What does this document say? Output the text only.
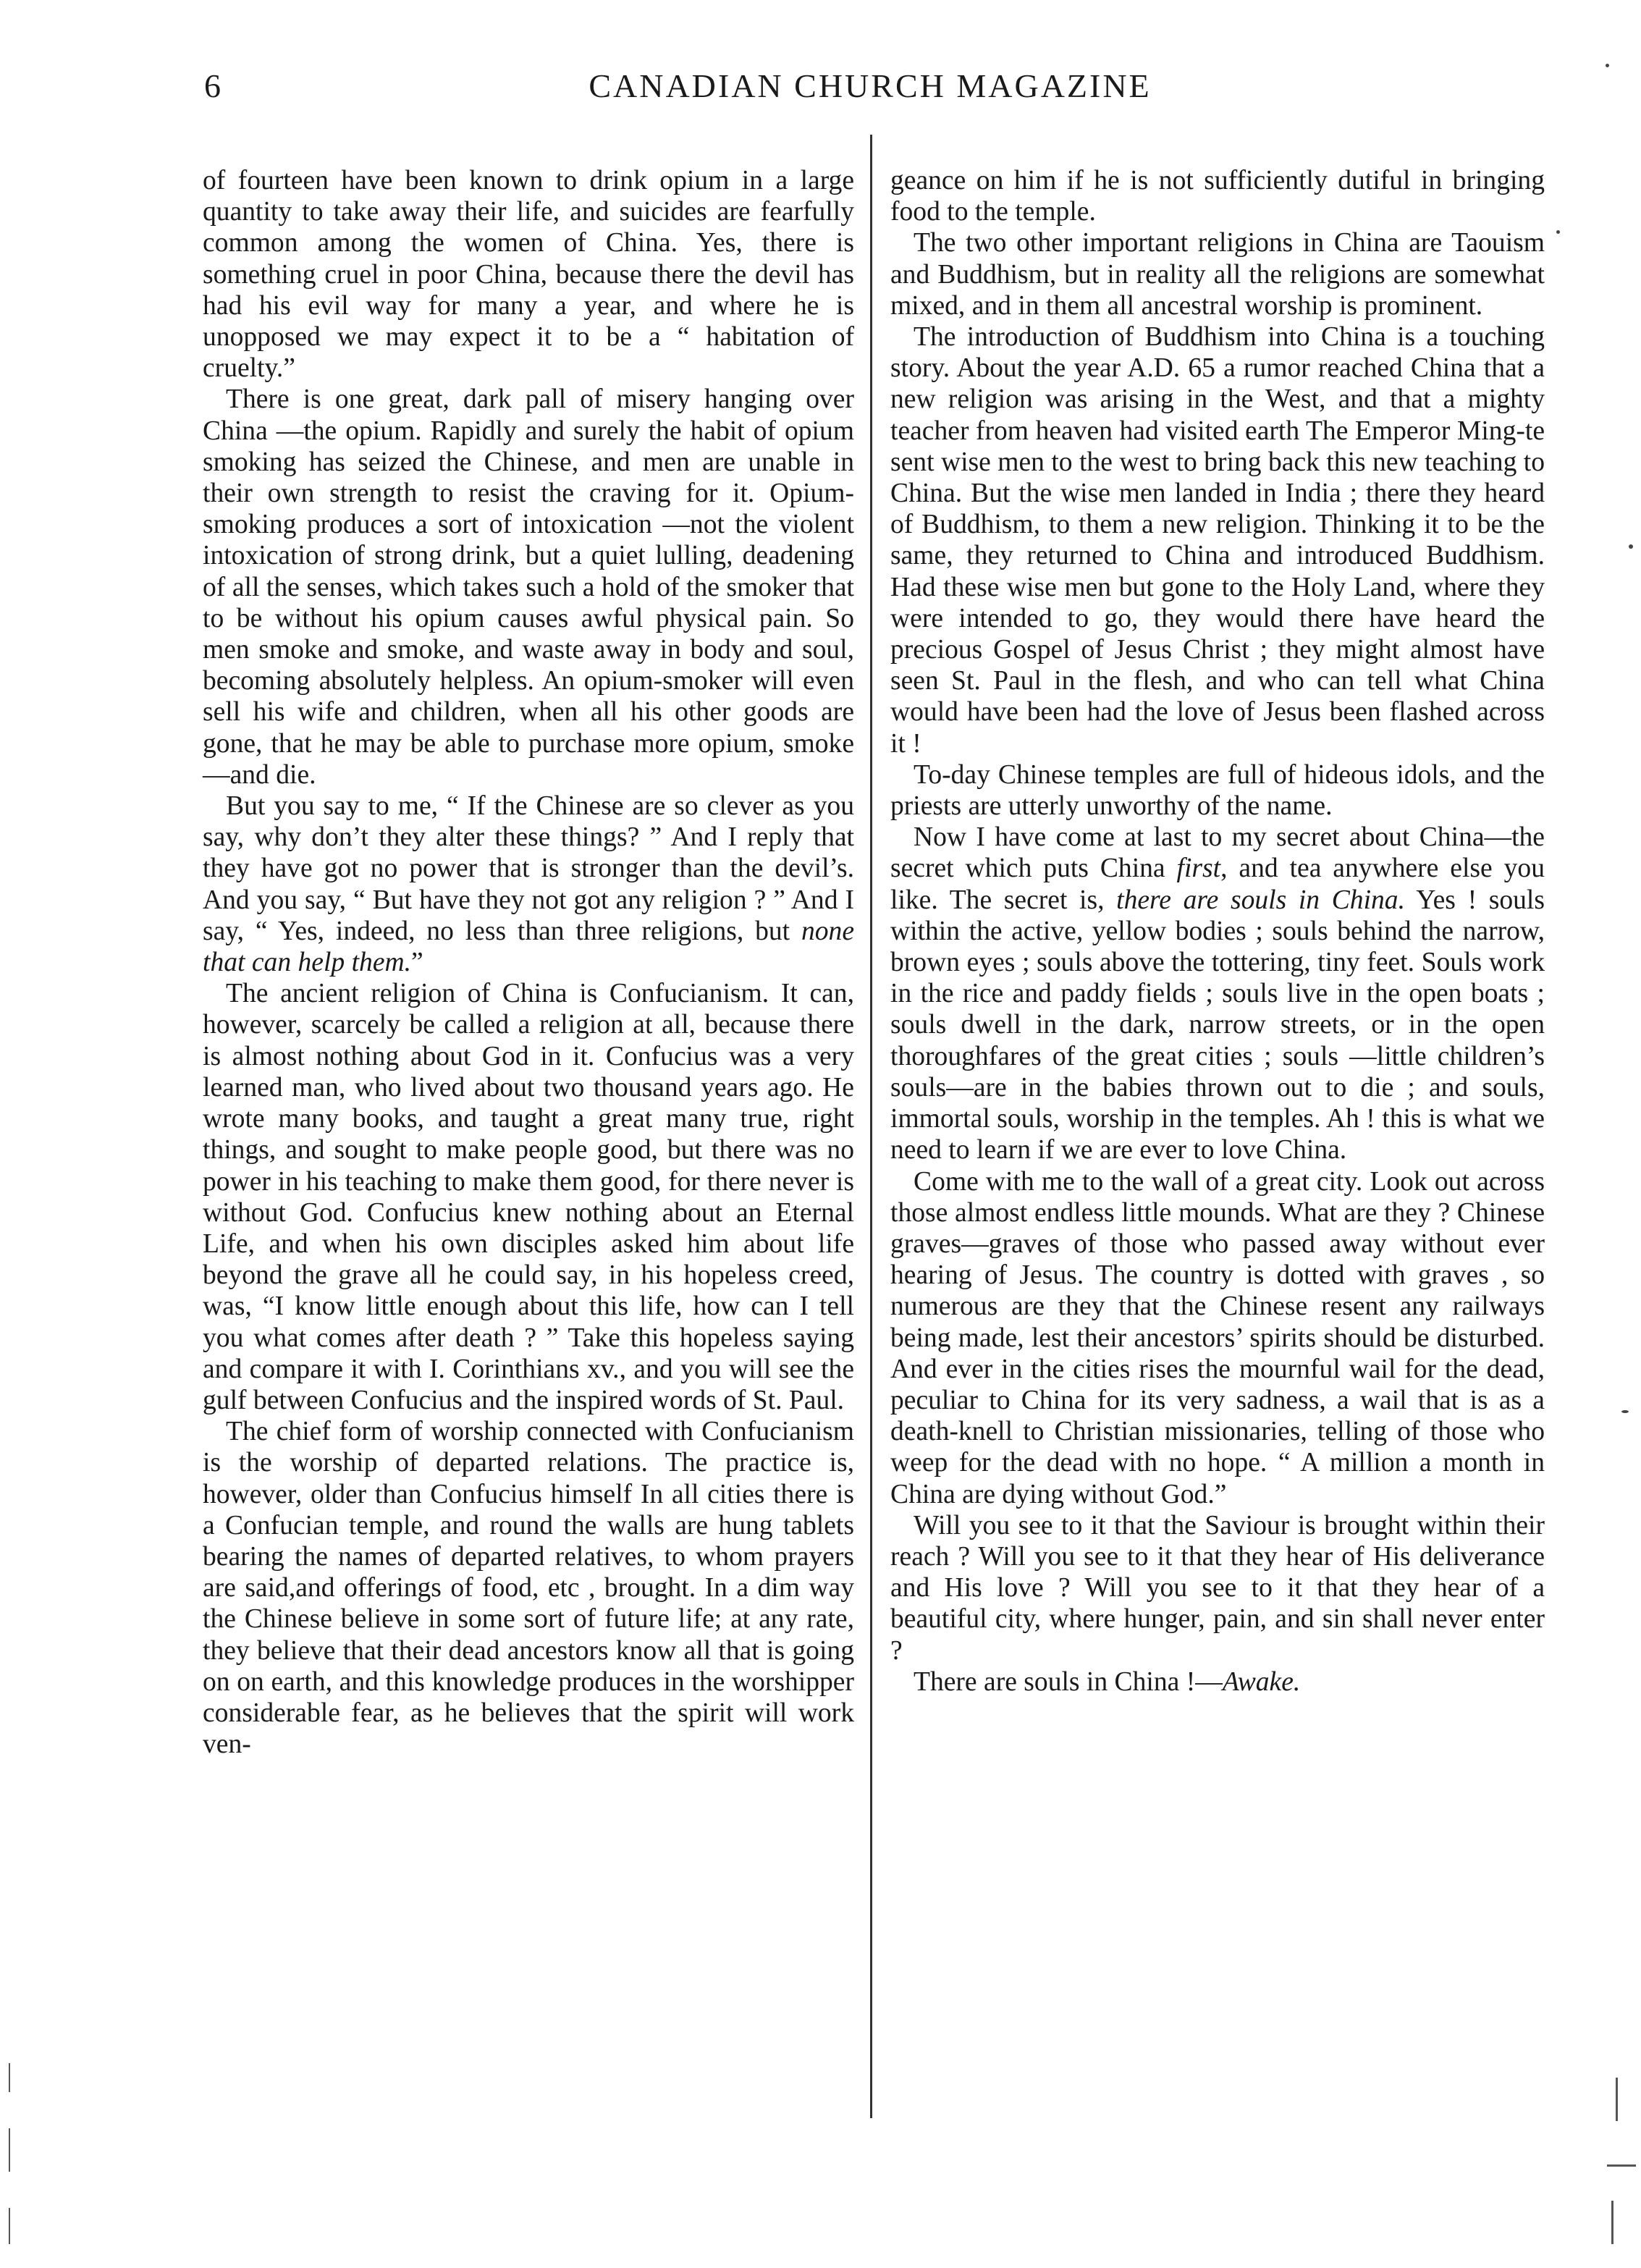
6	CANADIAN CHURCH MAGAZINE

of fourteen have been known to drink opium in a large quantity to take away their life, and suicides are fearfully common among the women of China. Yes, there is something cruel in poor China, because there the devil has had his evil way for many a year, and where he is unopposed we may expect it to be a “ habitation of cruelty.”

There is one great, dark pall of misery hanging over China —the opium. Rapidly and surely the habit of opium smoking has seized the Chinese, and men are unable in their own strength to resist the craving for it. Opium-smoking produces a sort of intoxication —not the violent intoxication of strong drink, but a quiet lulling, deadening of all the senses, which takes such a hold of the smoker that to be without his opium causes awful physical pain. So men smoke and smoke, and waste away in body and soul, becoming absolutely helpless. An opium-smoker will even sell his wife and children, when all his other goods are gone, that he may be able to purchase more opium, smoke—and die.

But you say to me, “ If the Chinese are so clever as you say, why don’t they alter these things? ” And I reply that they have got no power that is stronger than the devil’s. And you say, “ But have they not got any religion ? ” And I say, “ Yes, indeed, no less than three religions, but none that can help them.”

The ancient religion of China is Confucianism. It can, however, scarcely be called a religion at all, because there is almost nothing about God in it. Confucius was a very learned man, who lived about two thousand years ago. He wrote many books, and taught a great many true, right things, and sought to make people good, but there was no power in his teaching to make them good, for there never is without God. Confucius knew nothing about an Eternal Life, and when his own disciples asked him about life beyond the grave all he could say, in his hopeless creed, was, “I know little enough about this life, how can I tell you what comes after death ? ” Take this hopeless saying and compare it with I. Corinthians xv., and you will see the gulf between Confucius and the inspired words of St. Paul.

The chief form of worship connected with Confucianism is the worship of departed relations. The practice is, however, older than Confucius himself In all cities there is a Confucian temple, and round the walls are hung tablets bearing the names of departed relatives, to whom prayers are said,and offerings of food, etc , brought. In a dim way the Chinese believe in some sort of future life; at any rate, they believe that their dead ancestors know all that is going on on earth, and this knowledge produces in the worshipper considerable fear, as he believes that the spirit will work ven-

geance on him if he is not sufficiently dutiful in bringing food to the temple.

The two other important religions in China are Taouism and Buddhism, but in reality all the religions are somewhat mixed, and in them all ancestral worship is prominent.

The introduction of Buddhism into China is a touching story. About the year A.D. 65 a rumor reached China that a new religion was arising in the West, and that a mighty teacher from heaven had visited earth The Emperor Ming-te sent wise men to the west to bring back this new teaching to China. But the wise men landed in India ; there they heard of Buddhism, to them a new religion. Thinking it to be the same, they returned to China and introduced Buddhism. Had these wise men but gone to the Holy Land, where they were intended to go, they would there have heard the precious Gospel of Jesus Christ ; they might almost have seen St. Paul in the flesh, and who can tell what China would have been had the love of Jesus been flashed across it !

To-day Chinese temples are full of hideous idols, and the priests are utterly unworthy of the name.

Now I have come at last to my secret about China—the secret which puts China first, and tea anywhere else you like. The secret is, there are souls in China. Yes ! souls within the active, yellow bodies ; souls behind the narrow, brown eyes ; souls above the tottering, tiny feet. Souls work in the rice and paddy fields ; souls live in the open boats ; souls dwell in the dark, narrow streets, or in the open thoroughfares of the great cities ; souls —little children’s souls—are in the babies thrown out to die ; and souls, immortal souls, worship in the temples. Ah ! this is what we need to learn if we are ever to love China.

Come with me to the wall of a great city. Look out across those almost endless little mounds. What are they ? Chinese graves—graves of those who passed away without ever hearing of Jesus. The country is dotted with graves , so numerous are they that the Chinese resent any railways being made, lest their ancestors’ spirits should be disturbed. And ever in the cities rises the mournful wail for the dead, peculiar to China for its very sadness, a wail that is as a death-knell to Christian missionaries, telling of those who weep for the dead with no hope. “ A million a month in China are dying without God.”

Will you see to it that the Saviour is brought within their reach ? Will you see to it that they hear of His deliverance and His love ? Will you see to it that they hear of a beautiful city, where hunger, pain, and sin shall never enter ?

There are souls in China !—Awake.
